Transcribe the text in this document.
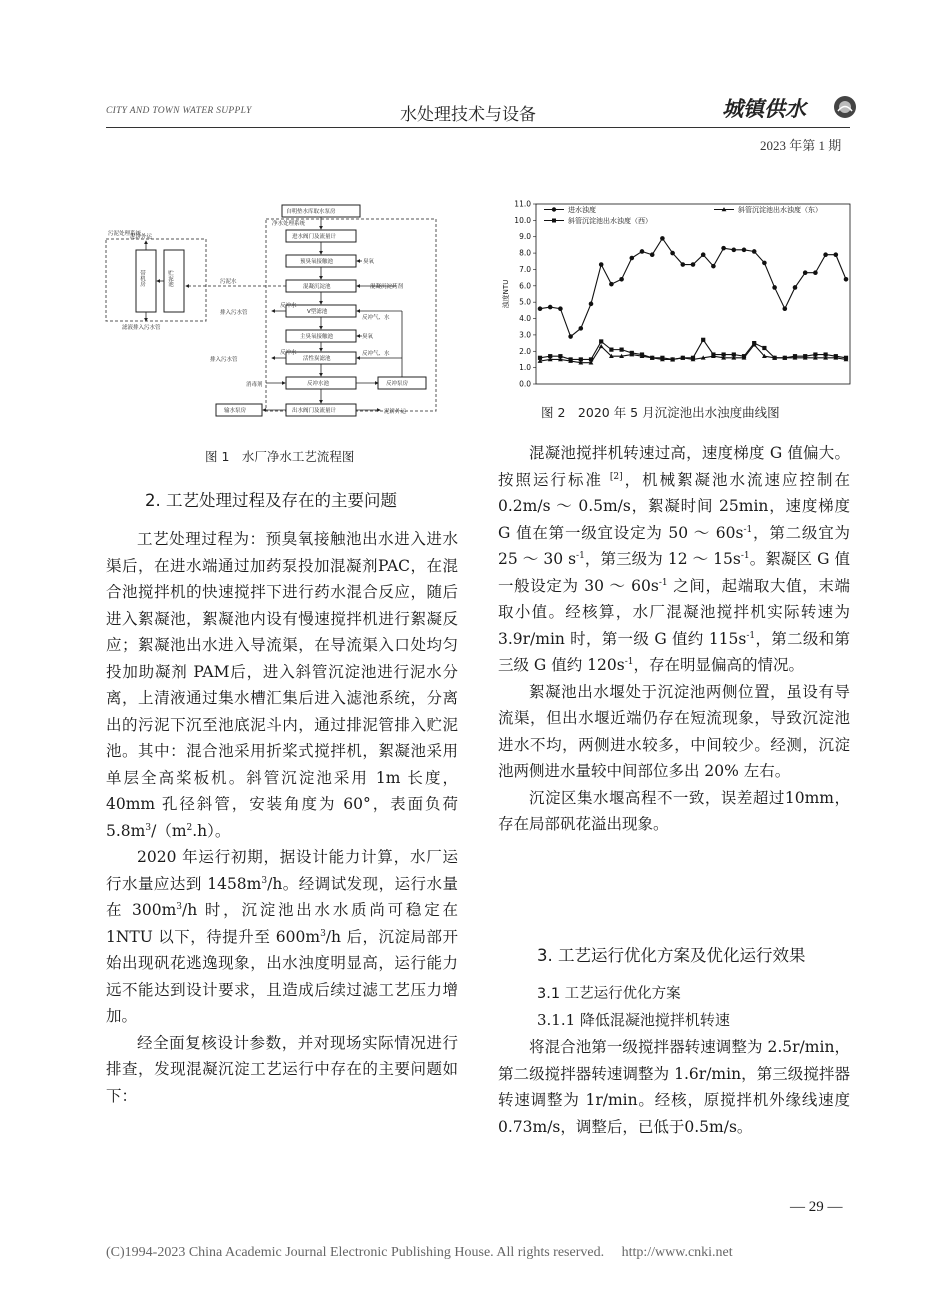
CITY AND TOWN WATER SUPPLY	水处理技术与设备	城镇供水
2023 年第 1 期
净水处理系统
污泥处理系统
自明垫水库取水泵房
进水阀门及流量计
预臭氧接触池
混凝沉淀池
V型滤池
主臭氧接触池
活性炭滤池
反冲水池
出水阀门及流量计
输水泵房
反冲泵房
带机房	贮泥池
泥饼外运
滤液排入污水管
污泥水
臭氧
混凝沉淀药剂
反冲水
排入污水管
反冲气、水
臭氧
反冲水
排入污水管
反冲气、水
消毒剂
泥饼外运
图 1　水厂净水工艺流程图
0.0
1.0
2.0
3.0
4.0
5.0
6.0
7.0
8.0
9.0
10.0
11.0
浊度NTU
进水浊度	斜管沉淀池出水浊度（东）
斜管沉淀池出水浊度（西）
图 2　2020 年 5 月沉淀池出水浊度曲线图
2. 工艺处理过程及存在的主要问题

工艺处理过程为：预臭氧接触池出水进入进水渠后，在进水端通过加药泵投加混凝剂PAC，在混合池搅拌机的快速搅拌下进行药水混合反应，随后进入絮凝池，絮凝池内设有慢速搅拌机进行絮凝反应；絮凝池出水进入导流渠，在导流渠入口处均匀投加助凝剂 PAM后，进入斜管沉淀池进行泥水分离，上清液通过集水槽汇集后进入滤池系统，分离出的污泥下沉至池底泥斗内，通过排泥管排入贮泥池。其中：混合池采用折桨式搅拌机，絮凝池采用单层全高桨板机。斜管沉淀池采用 1m 长度，40mm 孔径斜管，安装角度为 60°，表面负荷 $5.8m^3/(m^2.h)$。

2020 年运行初期，据设计能力计算，水厂运行水量应达到 $1458m^3/h$。经调试发现，运行水量在 $300m^3/h$ 时，沉淀池出水水质尚可稳定在 1NTU 以下，待提升至 $600m^3/h$ 后，沉淀局部开始出现矾花逃逸现象，出水浊度明显高，运行能力远不能达到设计要求，且造成后续过滤工艺压力增加。

经全面复核设计参数，并对现场实际情况进行排查，发现混凝沉淀工艺运行中存在的主要问题如下：

混凝池搅拌机转速过高，速度梯度 G 值偏大。按照运行标准 [2]，机械絮凝池水流速应控制在 0.2m/s ～ 0.5m/s，絮凝时间 25min，速度梯度 G 值在第一级宜设定为 50 ～ $60s^{-1}$，第二级宜为 25 ～ 30 $s^{-1}$，第三级为 12 ～ $15s^{-1}$。絮凝区 G 值一般设定为 30 ～ $60s^{-1}$ 之间，起端取大值，末端取小值。经核算，水厂混凝池搅拌机实际转速为 3.9r/min 时，第一级 G 值约 $115s^{-1}$，第二级和第三级 G 值约 $120s^{-1}$，存在明显偏高的情况。

絮凝池出水堰处于沉淀池两侧位置，虽设有导流渠，但出水堰近端仍存在短流现象，导致沉淀池进水不均，两侧进水较多，中间较少。经测，沉淀池两侧进水量较中间部位多出 20% 左右。

沉淀区集水堰高程不一致，误差超过10mm，存在局部矾花溢出现象。

3. 工艺运行优化方案及优化运行效果
3.1 工艺运行优化方案
3.1.1 降低混凝池搅拌机转速

将混合池第一级搅拌器转速调整为 2.5r/min，第二级搅拌器转速调整为 1.6r/min，第三级搅拌器转速调整为 1r/min。经核，原搅拌机外缘线速度 0.73m/s，调整后，已低于0.5m/s。

— 29 —
(C)1994-2023 China Academic Journal Electronic Publishing House. All rights reserved.　 http://www.cnki.net
